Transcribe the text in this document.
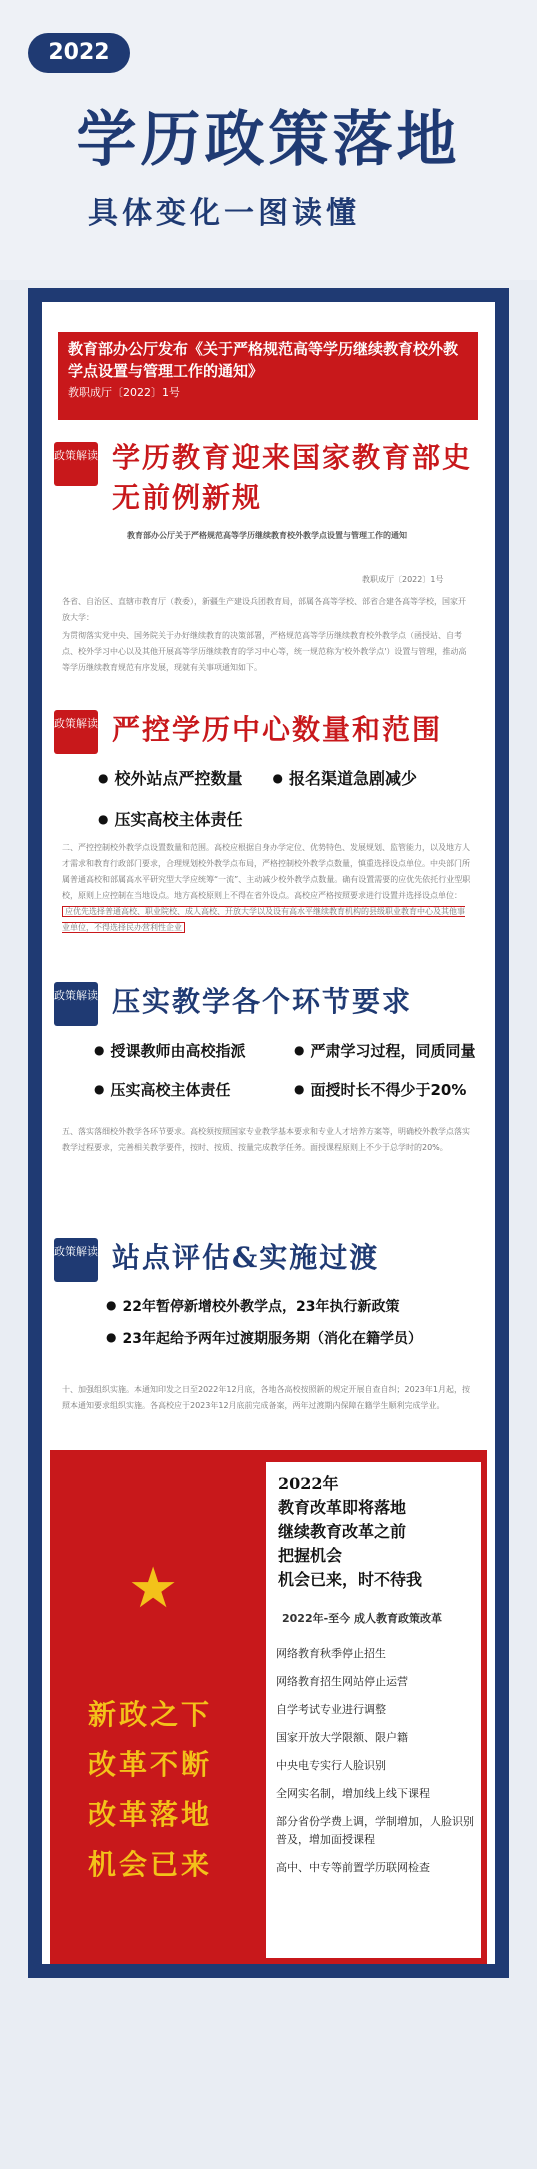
2022
学历政策落地
具体变化一图读懂
教育部办公厅发布《关于严格规范高等学历继续教育校外教学点设置与管理工作的通知》
教职成厅〔2022〕1号
政策解读 学历教育迎来国家教育部史无前例新规
教育部办公厅关于严格规范高等学历继续教育校外教学点设置与管理工作的通知
教职成厅〔2022〕1号
各省、自治区、直辖市教育厅（教委），新疆生产建设兵团教育局，部属各高等学校、部省合建各高等学校，国家开放大学：
为贯彻落实党中央、国务院关于办好继续教育的决策部署，严格规范高等学历继续教育校外教学点（函授站、自考点、校外学习中心以及其他开展高等学历继续教育的学习中心等，统一规范称为'校外教学点'）设置与管理，推动高等学历继续教育规范有序发展，现就有关事项通知如下。
政策解读 严控学历中心数量和范围
● 校外站点严控数量	● 报名渠道急剧减少
● 压实高校主体责任
二、严控控制校外教学点设置数量和范围。高校应根据自身办学定位、优势特色、发展规划、监管能力，以及地方人才需求和教育行政部门要求，合理规划校外教学点布局，严格控制校外教学点数量，慎重选择设点单位。中央部门所属普通高校和部属高水平研究型大学应统筹“一流”、主动减少校外教学点数量。确有设置需要的应优先依托行业型职校，原则上应控制在当地设点。地方高校原则上不得在省外设点。高校应严格按照要求进行设置并选择设点单位： 应优先选择普通高校、职业院校、成人高校、开放大学以及设有高水平继续教育机构的县级职业教育中心及其他事业单位，不得选择民办营利性企业
政策解读 压实教学各个环节要求
● 授课教师由高校指派	● 严肃学习过程，同质同量
● 压实高校主体责任	● 面授时长不得少于20%
五、落实落细校外教学各环节要求。高校须按照国家专业教学基本要求和专业人才培养方案等，明确校外教学点落实教学过程要求，完善相关教学要件，按时、按质、按量完成教学任务。面授课程原则上不少于总学时的20%。
政策解读 站点评估&实施过渡
● 22年暂停新增校外教学点，23年执行新政策
● 23年起给予两年过渡期服务期（消化在籍学员）
十、加强组织实施。本通知印发之日至2022年12月底，各地各高校按照新的规定开展自查自纠；2023年1月起，按照本通知要求组织实施。各高校应于2023年12月底前完成备案，两年过渡期内保障在籍学生顺利完成学业。
★
新政之下
改革不断
改革落地
机会已来
2022年
教育改革即将落地
继续教育改革之前
把握机会
机会已来，时不待我
2022年-至今 成人教育政策改革
网络教育秋季停止招生
网络教育招生网站停止运营
自学考试专业进行调整
国家开放大学限额、限户籍
中央电专实行人脸识别
全网实名制，增加线上线下课程
部分省份学费上调，学制增加，人脸识别普及，增加面授课程
高中、中专等前置学历联网检查
